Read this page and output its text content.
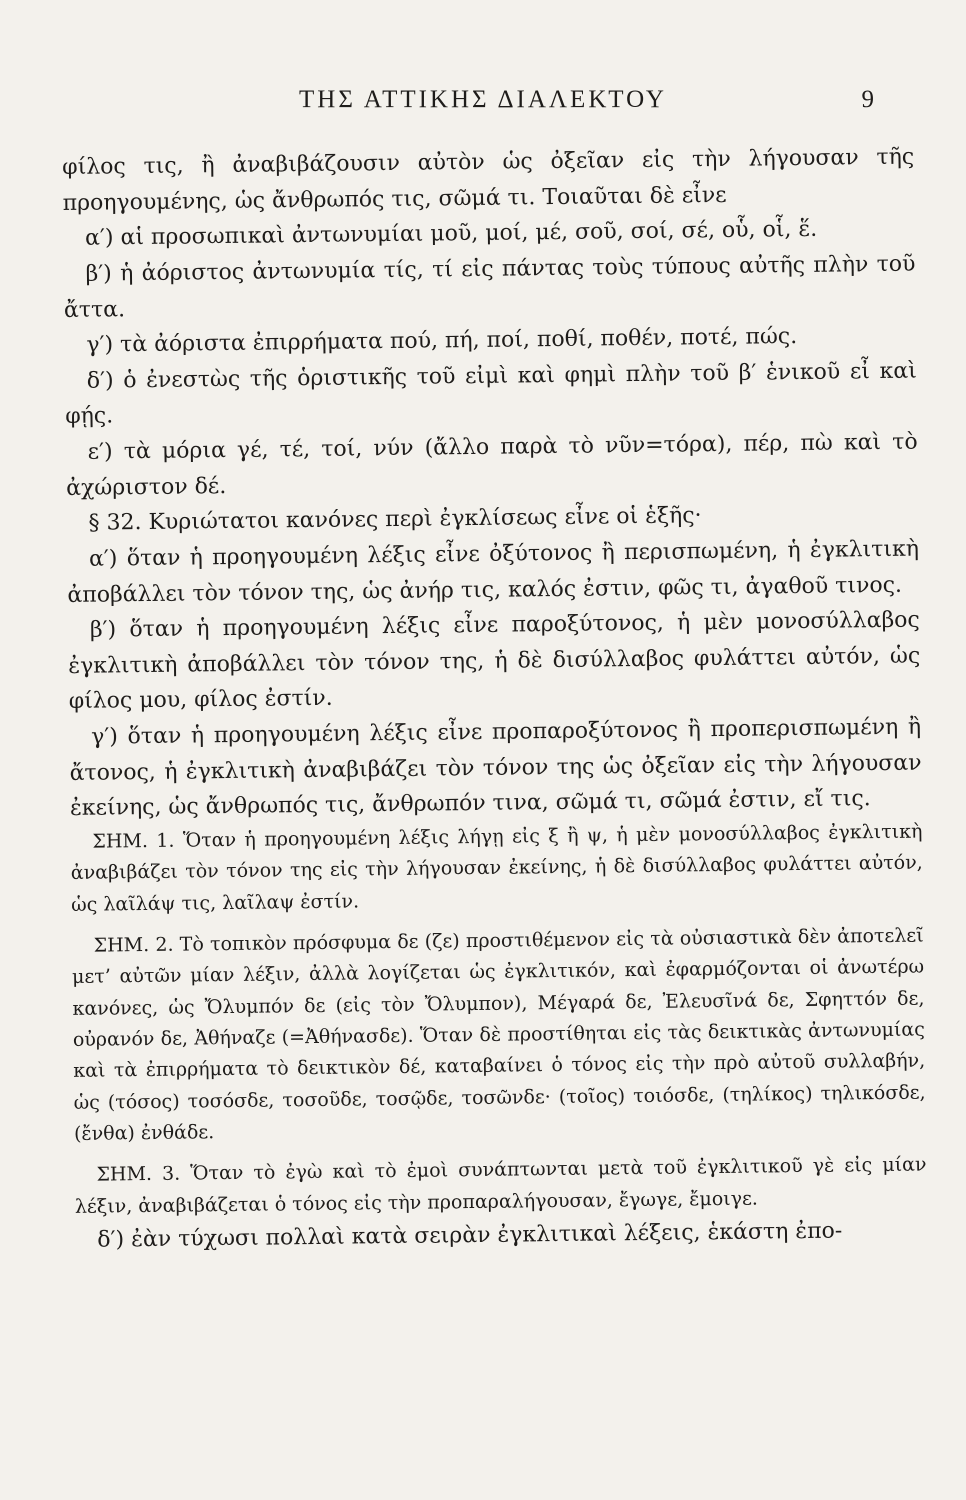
ΤΗΣ ΑΤΤΙΚΗΣ ΔΙΑΛΕΚΤΟΥ	9

φίλος τις, ἢ ἀναβιβάζουσιν αὐτὸν ὡς ὀξεῖαν εἰς τὴν λήγουσαν τῆς προηγουμένης, ὡς ἄνθρωπός τις, σῶμά τι. Τοιαῦται δὲ εἶνε

α′) αἱ προσωπικαὶ ἀντωνυμίαι μοῦ, μοί, μέ, σοῦ, σοί, σέ, οὗ, οἷ, ἕ.

β′) ἡ ἀόριστος ἀντωνυμία τίς, τί εἰς πάντας τοὺς τύπους αὐτῆς πλὴν τοῦ ἄττα.

γ′) τὰ ἀόριστα ἐπιρρήματα πού, πή, ποί, ποθί, ποθέν, ποτέ, πώς.

δ′) ὁ ἐνεστὼς τῆς ὁριστικῆς τοῦ εἰμὶ καὶ φημὶ πλὴν τοῦ β′ ἑνικοῦ εἶ καὶ φῄς.

ε′) τὰ μόρια γέ, τέ, τοί, νύν (ἄλλο παρὰ τὸ νῦν=τόρα), πέρ, πὼ καὶ τὸ ἀχώριστον δέ.

§ 32. Κυριώτατοι κανόνες περὶ ἐγκλίσεως εἶνε οἱ ἑξῆς·

α′) ὅταν ἡ προηγουμένη λέξις εἶνε ὀξύτονος ἢ περισπωμένη, ἡ ἐγκλιτικὴ ἀποβάλλει τὸν τόνον της, ὡς ἀνήρ τις, καλός ἐστιν, φῶς τι, ἀγαθοῦ τινος.

β′) ὅταν ἡ προηγουμένη λέξις εἶνε παροξύτονος, ἡ μὲν μονοσύλλαβος ἐγκλιτικὴ ἀποβάλλει τὸν τόνον της, ἡ δὲ δισύλλαβος φυλάττει αὐτόν, ὡς φίλος μου, φίλος ἐστίν.

γ′) ὅταν ἡ προηγουμένη λέξις εἶνε προπαροξύτονος ἢ προπερισπωμένη ἢ ἄτονος, ἡ ἐγκλιτικὴ ἀναβιβάζει τὸν τόνον της ὡς ὀξεῖαν εἰς τὴν λήγουσαν ἐκείνης, ὡς ἄνθρωπός τις, ἄνθρωπόν τινα, σῶμά τι, σῶμά ἐστιν, εἴ τις.

ΣΗΜ. 1. Ὅταν ἡ προηγουμένη λέξις λήγῃ εἰς ξ ἢ ψ, ἡ μὲν μονοσύλλαβος ἐγκλιτικὴ ἀναβιβάζει τὸν τόνον της εἰς τὴν λήγουσαν ἐκείνης, ἡ δὲ δισύλλαβος φυλάττει αὐτόν, ὡς λαῖλάψ τις, λαῖλαψ ἐστίν.

ΣΗΜ. 2. Τὸ τοπικὸν πρόσφυμα δε (ζε) προστιθέμενον εἰς τὰ οὐσιαστικὰ δὲν ἀποτελεῖ μετ’ αὐτῶν μίαν λέξιν, ἀλλὰ λογίζεται ὡς ἐγκλιτικόν, καὶ ἐφαρμόζονται οἱ ἀνωτέρω κανόνες, ὡς Ὄλυμπόν δε (εἰς τὸν Ὄλυμπον), Μέγαρά δε, Ἐλευσῖνά δε, Σφηττόν δε, οὐρανόν δε, Ἀθήναζε (=Ἀθήνασδε). Ὅταν δὲ προστίθηται εἰς τὰς δεικτικὰς ἀντωνυμίας καὶ τὰ ἐπιρρήματα τὸ δεικτικὸν δέ, καταβαίνει ὁ τόνος εἰς τὴν πρὸ αὐτοῦ συλλαβήν, ὡς (τόσος) τοσόσδε, τοσοῦδε, τοσῷδε, τοσῶνδε· (τοῖος) τοιόσδε, (τηλίκος) τηλικόσδε, (ἔνθα) ἐνθάδε.

ΣΗΜ. 3. Ὅταν τὸ ἐγὼ καὶ τὸ ἐμοὶ συνάπτωνται μετὰ τοῦ ἐγκλιτικοῦ γὲ εἰς μίαν λέξιν, ἀναβιβάζεται ὁ τόνος εἰς τὴν προπαραλήγουσαν, ἔγωγε, ἔμοιγε.

δ′) ἐὰν τύχωσι πολλαὶ κατὰ σειρὰν ἐγκλιτικαὶ λέξεις, ἑκάστη ἐπο-
